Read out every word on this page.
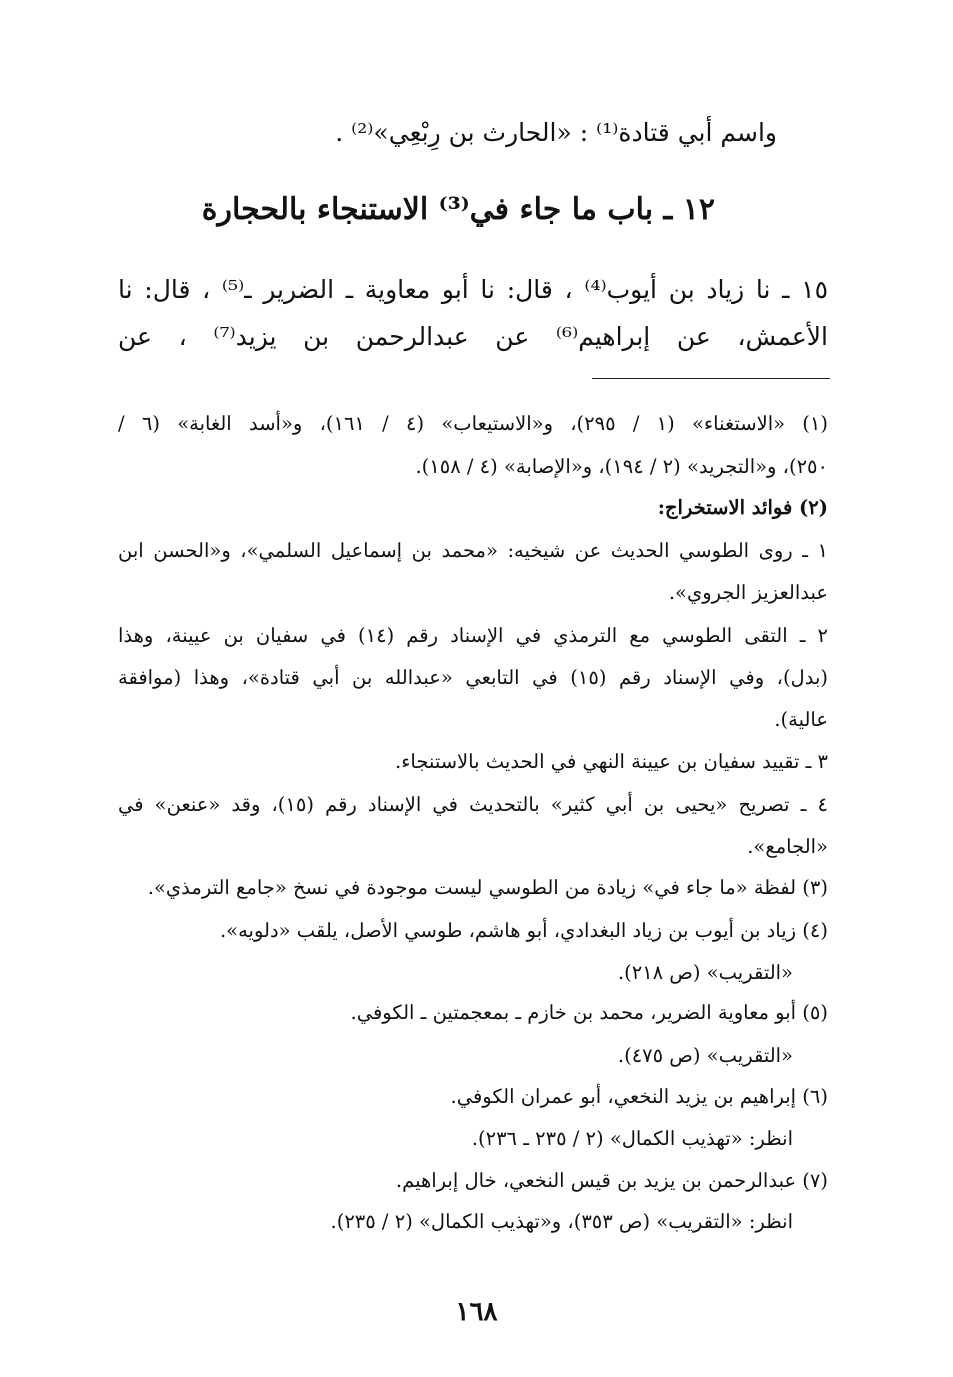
واسم أبي قتادة⁽¹⁾ : «الحارث بن رِبْعِي»⁽²⁾ .
١٢ ـ باب ما جاء في⁽³⁾ الاستنجاء بالحجارة
١٥ ـ نا زياد بن أيوب⁽⁴⁾ ، قال: نا أبو معاوية ـ الضرير ـ⁽⁵⁾ ، قال: نا
الأعمش، عن إبراهيم⁽⁶⁾ عن عبدالرحمن بن يزيد⁽⁷⁾ ، عن
(١) «الاستغناء» (١ / ٢٩٥)، و«الاستيعاب» (٤ / ١٦١)، و«أسد الغابة» (٦ /
٢٥٠)، و«التجريد» (٢ / ١٩٤)، و«الإصابة» (٤ / ١٥٨).
(٢) فوائد الاستخراج:
١ ـ روى الطوسي الحديث عن شيخيه: «محمد بن إسماعيل السلمي»، و«الحسن ابن
عبدالعزيز الجروي».
٢ ـ التقى الطوسي مع الترمذي في الإسناد رقم (١٤) في سفيان بن عيينة، وهذا
(بدل)، وفي الإسناد رقم (١٥) في التابعي «عبدالله بن أبي قتادة»، وهذا (موافقة
عالية).
٣ ـ تقييد سفيان بن عيينة النهي في الحديث بالاستنجاء.
٤ ـ تصريح «يحيى بن أبي كثير» بالتحديث في الإسناد رقم (١٥)، وقد «عنعن» في
«الجامع».
(٣) لفظة «ما جاء في» زيادة من الطوسي ليست موجودة في نسخ «جامع الترمذي».
(٤) زياد بن أيوب بن زياد البغدادي، أبو هاشم، طوسي الأصل، يلقب «دلويه».
«التقريب» (ص ٢١٨).
(٥) أبو معاوية الضرير، محمد بن خازم ـ بمعجمتين ـ الكوفي.
«التقريب» (ص ٤٧٥).
(٦) إبراهيم بن يزيد النخعي، أبو عمران الكوفي.
انظر: «تهذيب الكمال» (٢ / ٢٣٥ ـ ٢٣٦).
(٧) عبدالرحمن بن يزيد بن قيس النخعي، خال إبراهيم.
انظر: «التقريب» (ص ٣٥٣)، و«تهذيب الكمال» (٢ / ٢٣٥).
١٦٨
